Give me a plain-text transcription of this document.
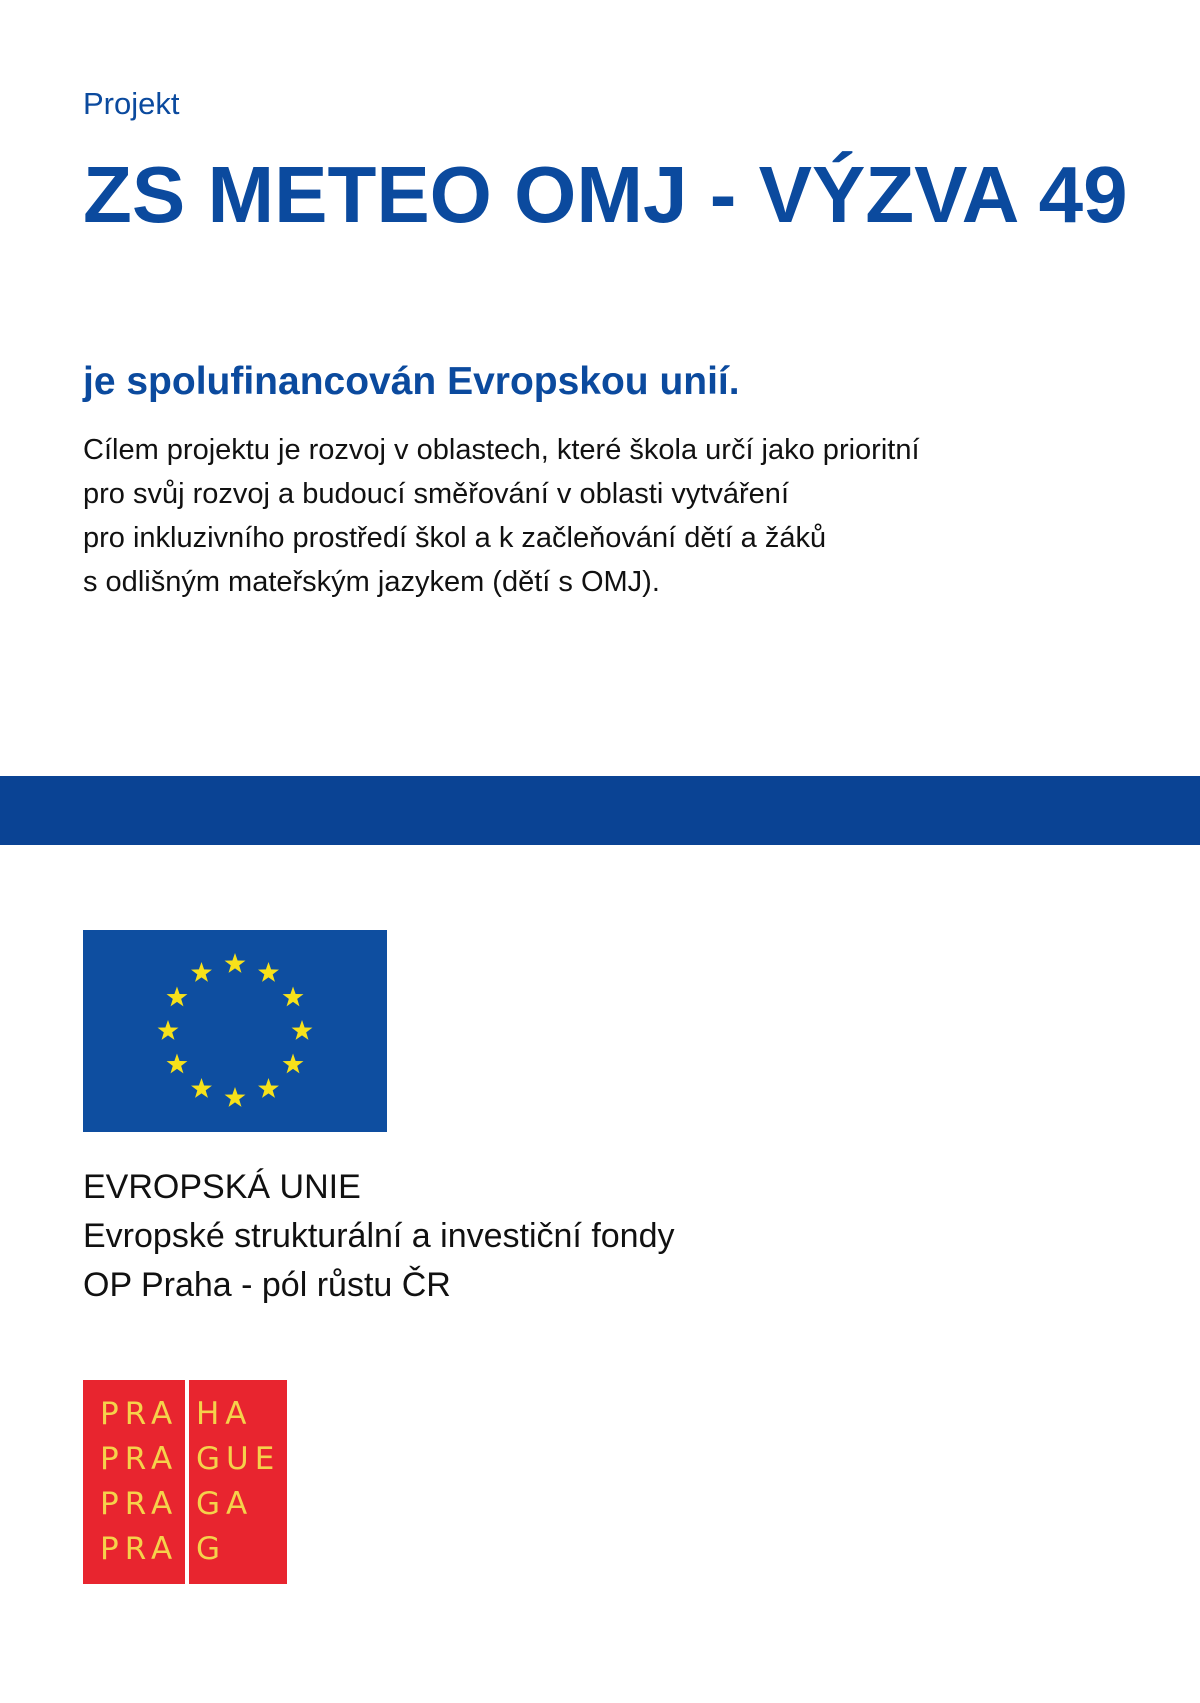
Projekt
ZS METEO OMJ - VÝZVA 49
je spolufinancován Evropskou unií.
Cílem projektu je rozvoj v oblastech, které škola určí jako prioritní
pro svůj rozvoj a budoucí směřování v oblasti vytváření
pro inkluzivního prostředí škol a k začleňování dětí a žáků
s odlišným mateřským jazykem (dětí s OMJ).
EVROPSKÁ UNIE
Evropské strukturální a investiční fondy
OP Praha - pól růstu ČR
PRA HA
PRA GUE
PRA GA
PRA G
